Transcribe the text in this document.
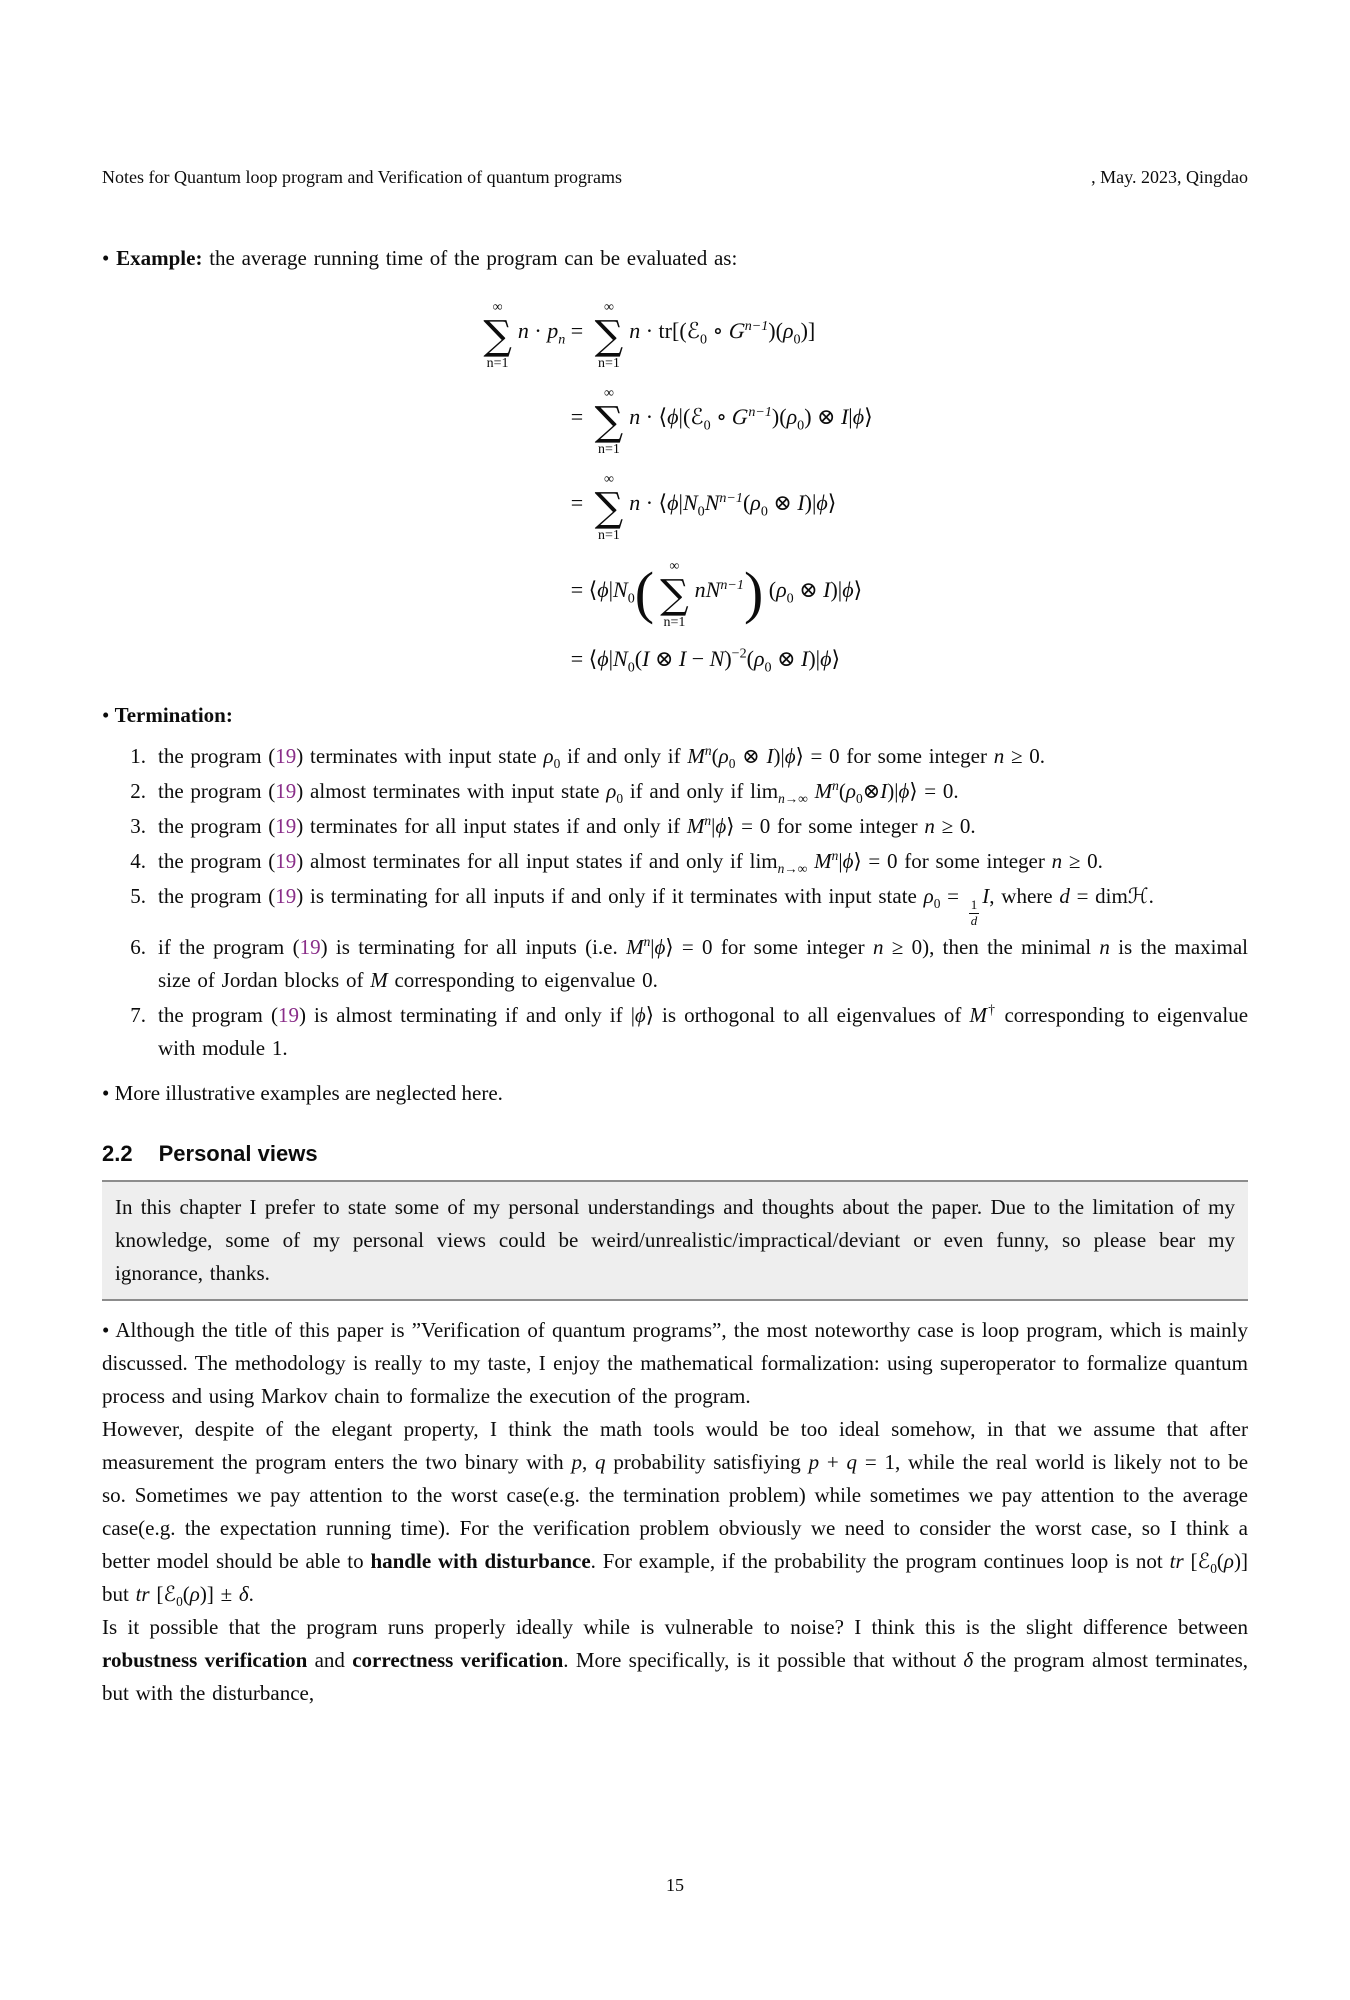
Notes for Quantum loop program and Verification of quantum programs	, May. 2023, Qingdao
• Example: the average running time of the program can be evaluated as:
∞
∑
n=1
$n \cdot p_n$ =
∞
∑
n=1
n · tr[(ℰ$_0$ ∘ $G^{n-1})(\rho_0)$]
=
∞
∑
n=1
n · ⟨ϕ|(ℰ$_0$ ∘ $G^{n-1})(\rho_0)$ ⊗ I|ϕ⟩
=
∞
∑
n=1
$n \cdot ⟨\phi|N_0N^{n-1}(\rho_0$ ⊗ I)|ϕ⟩
= $⟨\phi|N_0$( ∞
∑
n=1
$nN^{n-1}$) ($\rho_0$ ⊗ I)|ϕ⟩
= $⟨\phi|N_0(I$ ⊗ $I - N)^{-2}(\rho_0$ ⊗ I)|ϕ⟩
• Termination:
1. the program (19) terminates with input state $\rho_0$ if and only if $M^n(\rho_0$ ⊗ I)|ϕ⟩ = 0 for some integer n ≥ 0.
2. the program (19) almost terminates with input state $\rho_0$ if and only if $\lim_{n\to\infty}$ $M^n(\rho_0\otimes I)|\phi⟩ = 0$.
3. the program (19) terminates for all input states if and only if $M^n|\phi⟩ = 0$ for some integer n ≥ 0.
4. the program (19) almost terminates for all input states if and only if $\lim_{n\to\infty}$ $M^n|\phi⟩ = 0$ for some integer n ≥ 0.
5. the program (19) is terminating for all inputs if and only if it terminates with input state $\rho_0$ =
$\frac{1}{d}$
I, where d = dimℋ.
6. if the program (19) is terminating for all inputs (i.e. $M^n|\phi⟩ = 0$ for some integer n ≥ 0), then the minimal n is the maximal size of Jordan blocks of M corresponding to eigenvalue 0.
7. the program (19) is almost terminating if and only if |ϕ⟩ is orthogonal to all eigenvalues of M† corresponding to eigenvalue with module 1.
• More illustrative examples are neglected here.
2.2 Personal views
In this chapter I prefer to state some of my personal understandings and thoughts about the paper. Due to the limitation of my knowledge, some of my personal views could be weird/unrealistic/impractical/deviant or even funny, so please bear my ignorance, thanks.

• Although the title of this paper is ”Verification of quantum programs”, the most noteworthy case is loop program, which is mainly discussed. The methodology is really to my taste, I enjoy the mathematical formalization: using superoperator to formalize quantum process and using Markov chain to formalize the execution of the program.

However, despite of the elegant property, I think the math tools would be too ideal somehow, in that we assume that after measurement the program enters the two binary with p, q probability satisfiying p + q = 1, while the real world is likely not to be so. Sometimes we pay attention to the worst case(e.g. the termination problem) while sometimes we pay attention to the average case(e.g. the expectation running time). For the verification problem obviously we need to consider the worst case, so I think a better model should be able to handle with disturbance. For example, if the probability the program continues loop is not tr [ℰ$_0$(ρ)] but tr [ℰ$_0$(ρ)] ± δ.

Is it possible that the program runs properly ideally while is vulnerable to noise? I think this is the slight difference between robustness verification and correctness verification. More specifically, is it possible that without δ the program almost terminates, but with the disturbance,

15
